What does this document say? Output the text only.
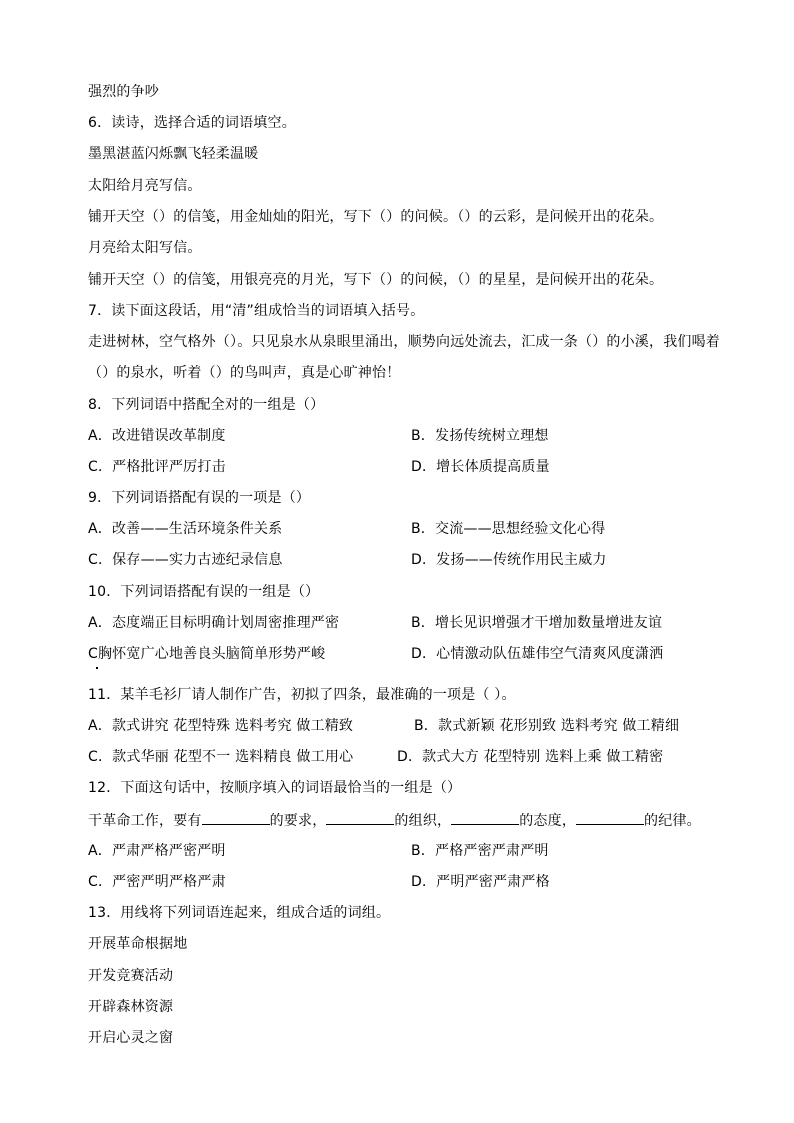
强烈的争吵
6．读诗，选择合适的词语填空。
墨黑湛蓝闪烁飘飞轻柔温暖
太阳给月亮写信。
铺开天空（）的信笺，用金灿灿的阳光，写下（）的问候。（）的云彩，是问候开出的花朵。
月亮给太阳写信。
铺开天空（）的信笺，用银亮亮的月光，写下（）的问候，（）的星星，是问候开出的花朵。
7．读下面这段话，用“清”组成恰当的词语填入括号。
走进树林，空气格外（）。只见泉水从泉眼里涌出，顺势向远处流去，汇成一条（）的小溪，我们喝着
（）的泉水，听着（）的鸟叫声，真是心旷神怡！
8．下列词语中搭配全对的一组是（）
A．改进错误改革制度	B．发扬传统树立理想
C．严格批评严厉打击	D．增长体质提高质量
9．下列词语搭配有误的一项是（）
A．改善——生活环境条件关系	B．交流——思想经验文化心得
C．保存——实力古迹纪录信息	D．发扬——传统作用民主威力
10．下列词语搭配有误的一组是（）
A．态度端正目标明确计划周密推理严密	B．增长见识增强才干增加数量增进友谊
C胸怀宽广心地善良头脑简单形势严峻	D．心情激动队伍雄伟空气清爽风度潇洒
11．某羊毛衫厂请人制作广告，初拟了四条，最准确的一项是（ ）。
A．款式讲究 花型特殊 选料考究 做工精致	B．款式新颖 花形别致 选料考究 做工精细
C．款式华丽 花型不一 选料精良 做工用心	D．款式大方 花型特别 选料上乘 做工精密
12．下面这句话中，按顺序填入的词语最恰当的一组是（）
干革命工作，要有	的要求，	的组织，	的态度，	的纪律。
A．严肃严格严密严明	B．严格严密严肃严明
C．严密严明严格严肃	D．严明严密严肃严格
13．用线将下列词语连起来，组成合适的词组。
开展革命根据地
开发竞赛活动
开辟森林资源
开启心灵之窗
